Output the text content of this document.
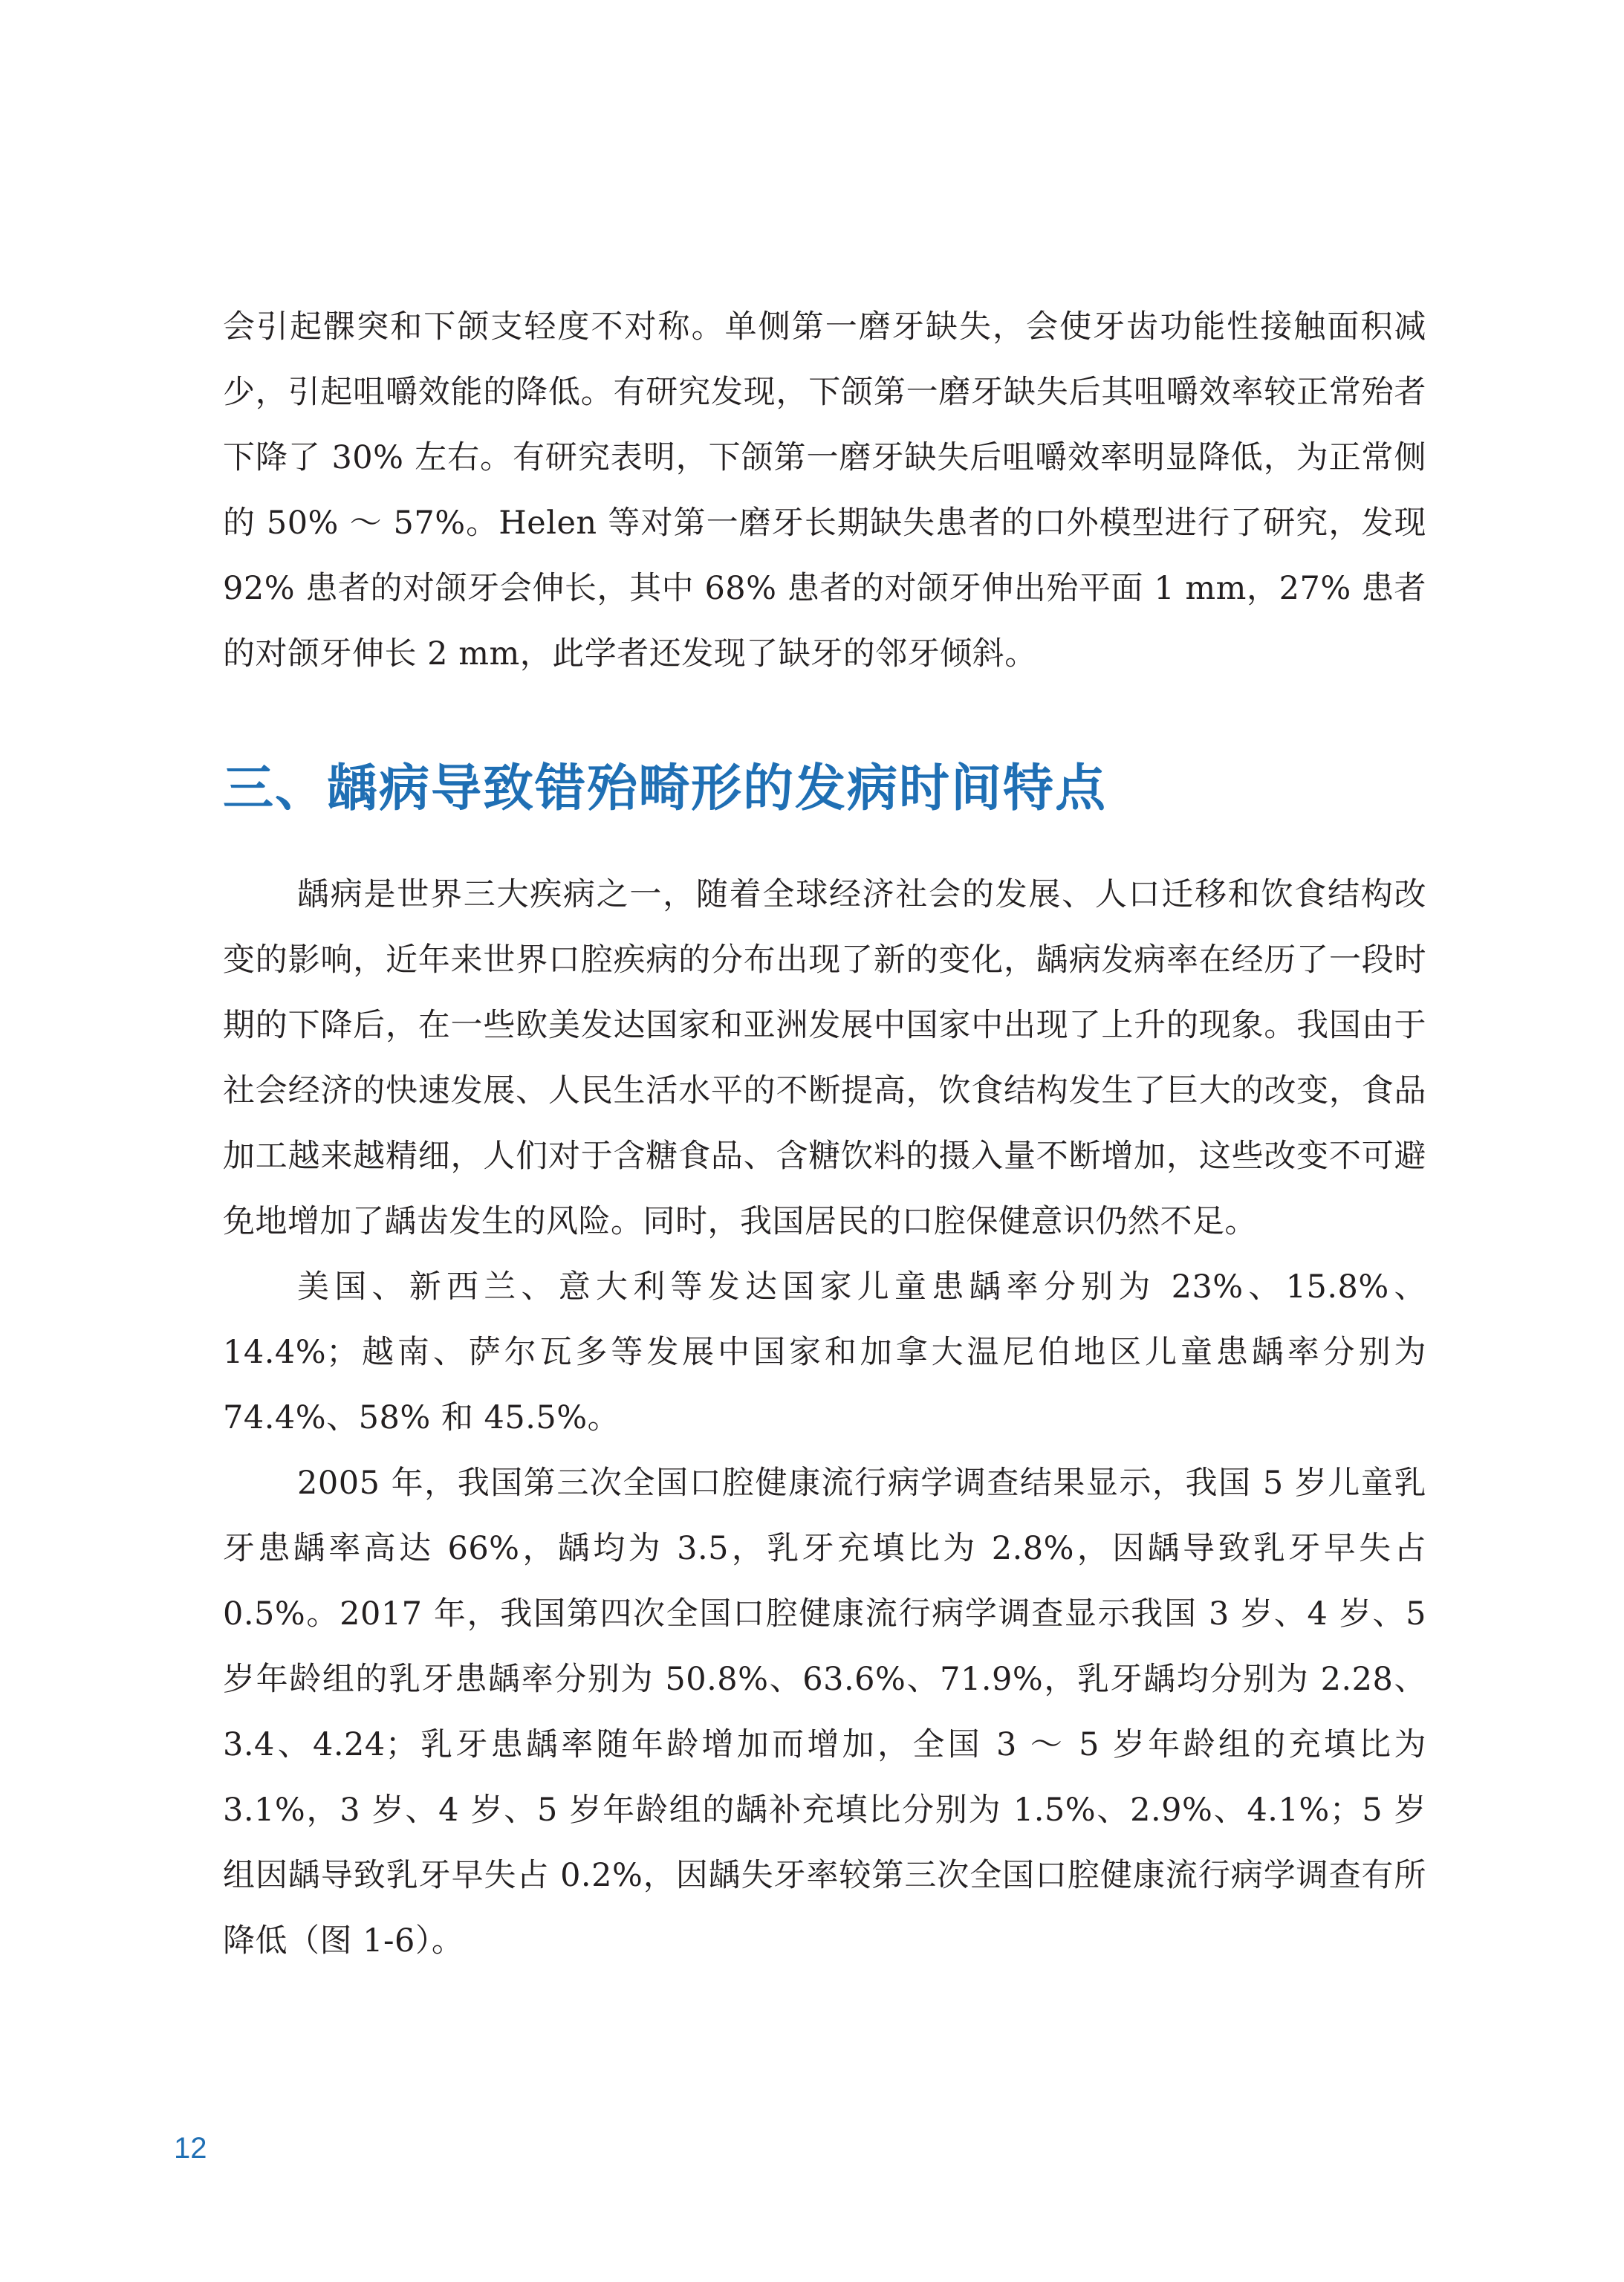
会引起髁突和下颌支轻度不对称。单侧第一磨牙缺失，会使牙齿功能性接触面积减少，引起咀嚼效能的降低。有研究发现，下颌第一磨牙缺失后其咀嚼效率较正常⁣殆者下降了 30% 左右。有研究表明，下颌第一磨牙缺失后咀嚼效率明显降低，为正常侧的 50% ～ 57%。Helen 等对第一磨牙长期缺失患者的口外模型进行了研究，发现 92% 患者的对颌牙会伸长，其中 68% 患者的对颌牙伸出⁣殆平面 1 mm，27% 患者的对颌牙伸长 2 mm，此学者还发现了缺牙的邻牙倾斜。

三、龋病导致错⁣殆畸形的发病时间特点

龋病是世界三大疾病之一，随着全球经济社会的发展、人口迁移和饮食结构改变的影响，近年来世界口腔疾病的分布出现了新的变化，龋病发病率在经历了一段时期的下降后，在一些欧美发达国家和亚洲发展中国家中出现了上升的现象。我国由于社会经济的快速发展、人民生活水平的不断提高，饮食结构发生了巨大的改变，食品加工越来越精细，人们对于含糖食品、含糖饮料的摄入量不断增加，这些改变不可避免地增加了龋齿发生的风险。同时，我国居民的口腔保健意识仍然不足。

美国、新西兰、意大利等发达国家儿童患龋率分别为 23%、15.8%、14.4%；越南、萨尔瓦多等发展中国家和加拿大温尼伯地区儿童患龋率分别为 74.4%、58% 和 45.5%。

2005 年，我国第三次全国口腔健康流行病学调查结果显示，我国 5 岁儿童乳牙患龋率高达 66%，龋均为 3.5，乳牙充填比为 2.8%，因龋导致乳牙早失占 0.5%。2017 年，我国第四次全国口腔健康流行病学调查显示我国 3 岁、4 岁、5 岁年龄组的乳牙患龋率分别为 50.8%、63.6%、71.9%，乳牙龋均分别为 2.28、3.4、4.24；乳牙患龋率随年龄增加而增加，全国 3 ～ 5 岁年龄组的充填比为 3.1%，3 岁、4 岁、5 岁年龄组的龋补充填比分别为 1.5%、2.9%、4.1%；5 岁组因龋导致乳牙早失占 0.2%，因龋失牙率较第三次全国口腔健康流行病学调查有所降低（图 1-6）。

12
